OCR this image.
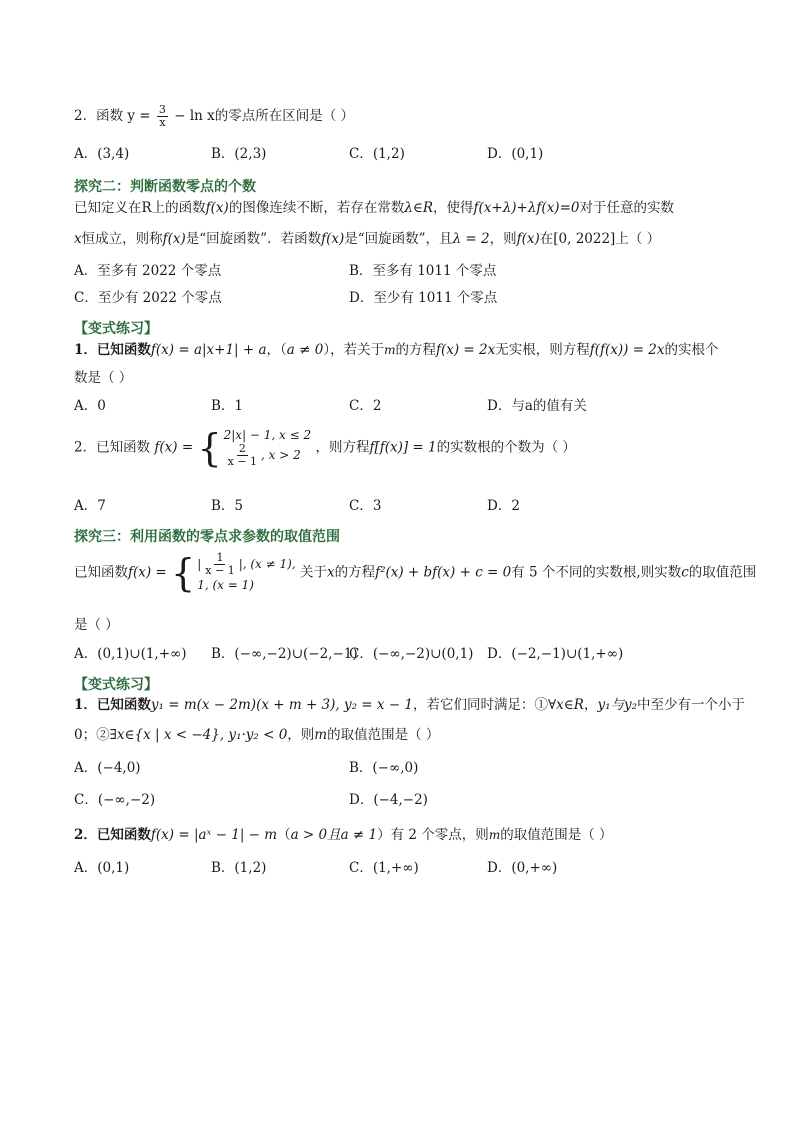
2．函数 $y = \frac{3}{x} - \ln x$的零点所在区间是（ ）
A．(3,4)	B．(2,3)	C．(1,2)	D．(0,1)
探究二：判断函数零点的个数
已知定义在R上的函数f(x)的图像连续不断，若存在常数λ∈R，使得f(x+λ)+λf(x)=0对于任意的实数
x恒成立，则称f(x)是“回旋函数”．若函数f(x)是“回旋函数”，且λ = 2，则f(x)在[0, 2022]上（ ）
A．至多有 2022 个零点	B．至多有 1011 个零点
C．至少有 2022 个零点	D．至少有 1011 个零点
【变式练习】
1．已知函数f(x) = a|x+1| + a，（a ≠ 0），若关于m的方程f(x) = 2x无实根，则方程f(f(x)) = 2x的实根个
数是（ ）
A．0	B．1	C．2	D．与a的值有关
2．已知函数 f(x) = { 2|x| − 1, x ≤ 2
$\frac{2}{x - 1}$ , x > 2	，则方程f[f(x)] = 1的实数根的个数为（ ）
A．7	B．5	C．3	D．2
探究三：利用函数的零点求参数的取值范围
已知函数f(x) = { | $\frac{1}{x - 1}$ |, (x ≠ 1),
1, (x = 1)
关于x的方程f²(x) + bf(x) + c = 0有 5 个不同的实数根,则实数c的取值范围
是（ ）
A．(0,1)∪(1,+∞) B．(−∞,−2)∪(−2,−1)
C．(−∞,−2)∪(0,1) D．(−2,−1)∪(1,+∞)
【变式练习】
1．已知函数y₁ = m(x − 2m)(x + m + 3), y₂ = x − 1，若它们同时满足：①∀x∈R，y₁与y₂中至少有一个小于
0；②∃x∈{x | x < −4}, y₁·y₂ < 0，则m的取值范围是（ ）
A．(−4,0)	B．(−∞,0)
C．(−∞,−2)	D．(−4,−2)
2．已知函数f(x) = |aˣ − 1| − m（a > 0且a ≠ 1）有 2 个零点，则m的取值范围是（ ）
A．(0,1)	B．(1,2)	C．(1,+∞)	D．(0,+∞)
